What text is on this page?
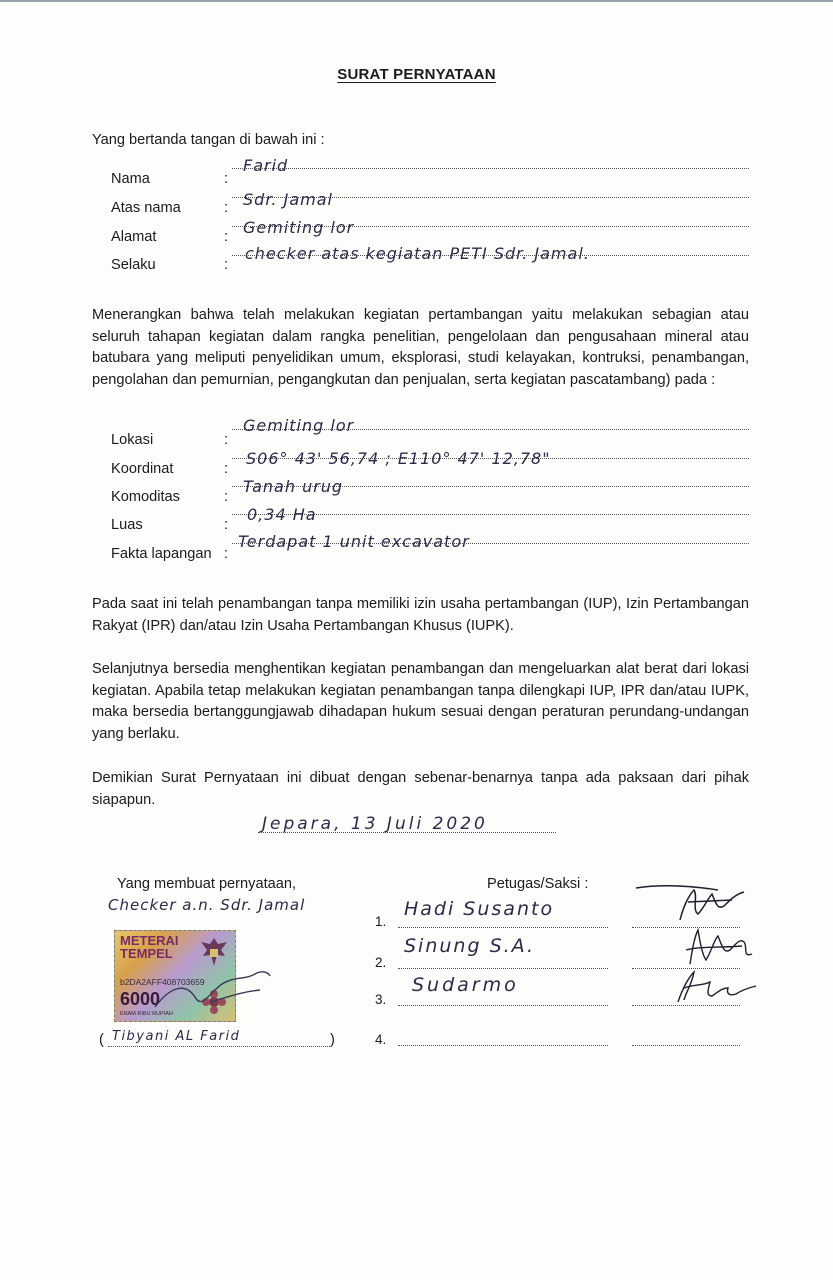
SURAT PERNYATAAN
Yang bertanda tangan di bawah ini :
Nama	:
Farid
Atas nama	: Sdr. Jamal
Alamat	: Gemiting lor
Selaku	:
checker atas kegiatan PETI Sdr. Jamal.

Menerangkan bahwa telah melakukan kegiatan pertambangan yaitu melakukan sebagian atau seluruh tahapan kegiatan dalam rangka penelitian, pengelolaan dan pengusahaan mineral atau batubara yang meliputi penyelidikan umum, eksplorasi, studi kelayakan, kontruksi, penambangan, pengolahan dan pemurnian, pengangkutan dan penjualan, serta kegiatan pascatambang) pada :

Lokasi	:
Gemiting lor
Koordinat	:
S06° 43' 56,74 ; E110° 47' 12,78"
Komoditas	:
Tanah urug
Luas	:
0,34 Ha
Fakta lapangan :
Terdapat 1 unit excavator

Pada saat ini telah penambangan tanpa memiliki izin usaha pertambangan (IUP), Izin Pertambangan Rakyat (IPR) dan/atau Izin Usaha Pertambangan Khusus (IUPK).

Selanjutnya bersedia menghentikan kegiatan penambangan dan mengeluarkan alat berat dari lokasi kegiatan. Apabila tetap melakukan kegiatan penambangan tanpa dilengkapi IUP, IPR dan/atau IUPK, maka bersedia bertanggungjawab dihadapan hukum sesuai dengan peraturan perundang-undangan yang berlaku.

Demikian Surat Pernyataan ini dibuat dengan sebenar-benarnya tanpa ada paksaan dari pihak siapapun.

Jepara, 13 Juli 2020
Yang membuat pernyataan,
Checker a.n. Sdr. Jamal
METERAI
TEMPEL
b2DA2AFF408703659
6000
ENAM RIBU RUPIAH
( Tibyani AL Farid	)
Petugas/Saksi :
1.
Hadi Susanto
2.
Sinung S.A.
3.
Sudarmo
4.
